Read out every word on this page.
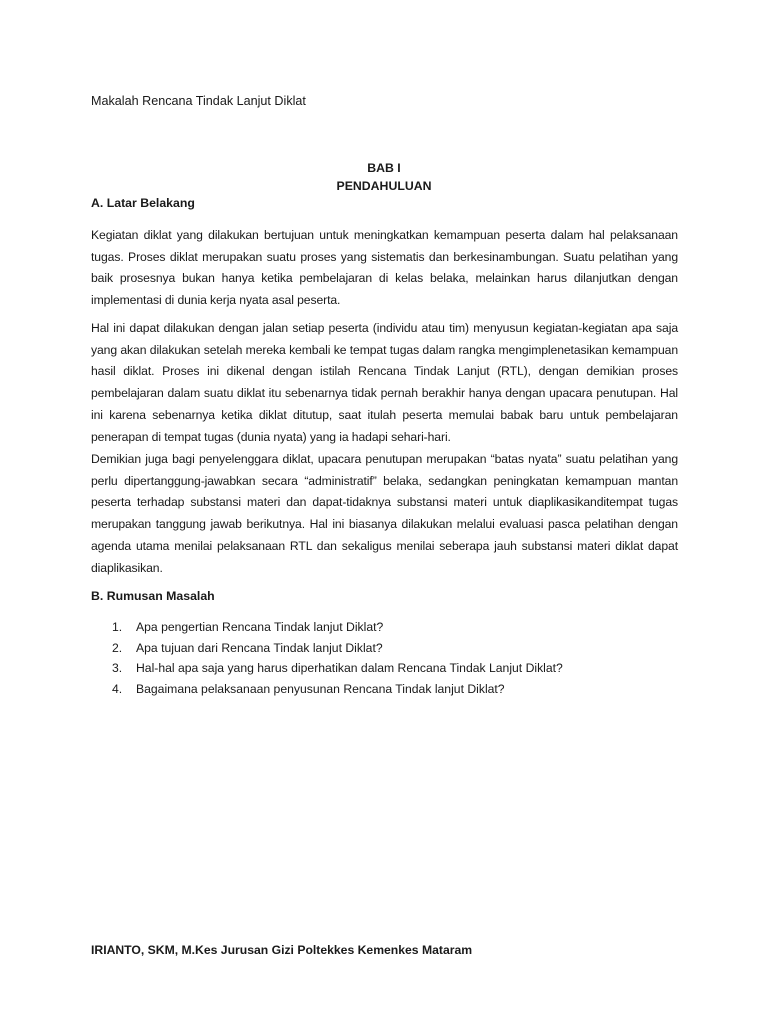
Makalah Rencana Tindak Lanjut Diklat
BAB I
PENDAHULUAN
A. Latar Belakang

Kegiatan diklat yang dilakukan bertujuan untuk meningkatkan kemampuan peserta dalam hal pelaksanaan tugas. Proses diklat merupakan suatu proses yang sistematis dan berkesinambungan. Suatu pelatihan yang baik prosesnya bukan hanya ketika pembelajaran di kelas belaka, melainkan harus dilanjutkan dengan implementasi di dunia kerja nyata asal peserta.

Hal ini dapat dilakukan dengan jalan setiap peserta (individu atau tim) menyusun kegiatan-kegiatan apa saja yang akan dilakukan setelah mereka kembali ke tempat tugas dalam rangka mengimplenetasikan kemampuan hasil diklat. Proses ini dikenal dengan istilah Rencana Tindak Lanjut (RTL), dengan demikian proses pembelajaran dalam suatu diklat itu sebenarnya tidak pernah berakhir hanya dengan upacara penutupan. Hal ini karena sebenarnya ketika diklat ditutup, saat itulah peserta memulai babak baru untuk pembelajaran penerapan di tempat tugas (dunia nyata) yang ia hadapi sehari-hari.

Demikian juga bagi penyelenggara diklat, upacara penutupan merupakan “batas nyata” suatu pelatihan yang perlu dipertanggung-jawabkan secara “administratif” belaka, sedangkan peningkatan kemampuan mantan peserta terhadap substansi materi dan dapat-tidaknya substansi materi untuk diaplikasikanditempat tugas merupakan tanggung jawab berikutnya. Hal ini biasanya dilakukan melalui evaluasi pasca pelatihan dengan agenda utama menilai pelaksanaan RTL dan sekaligus menilai seberapa jauh substansi materi diklat dapat diaplikasikan.

B. Rumusan Masalah
1.	Apa pengertian Rencana Tindak lanjut Diklat?
2.	Apa tujuan dari Rencana Tindak lanjut Diklat?
3.	Hal-hal apa saja yang harus diperhatikan dalam Rencana Tindak Lanjut Diklat?
4.	Bagaimana pelaksanaan penyusunan Rencana Tindak lanjut Diklat?
IRIANTO, SKM, M.Kes Jurusan Gizi Poltekkes Kemenkes Mataram
